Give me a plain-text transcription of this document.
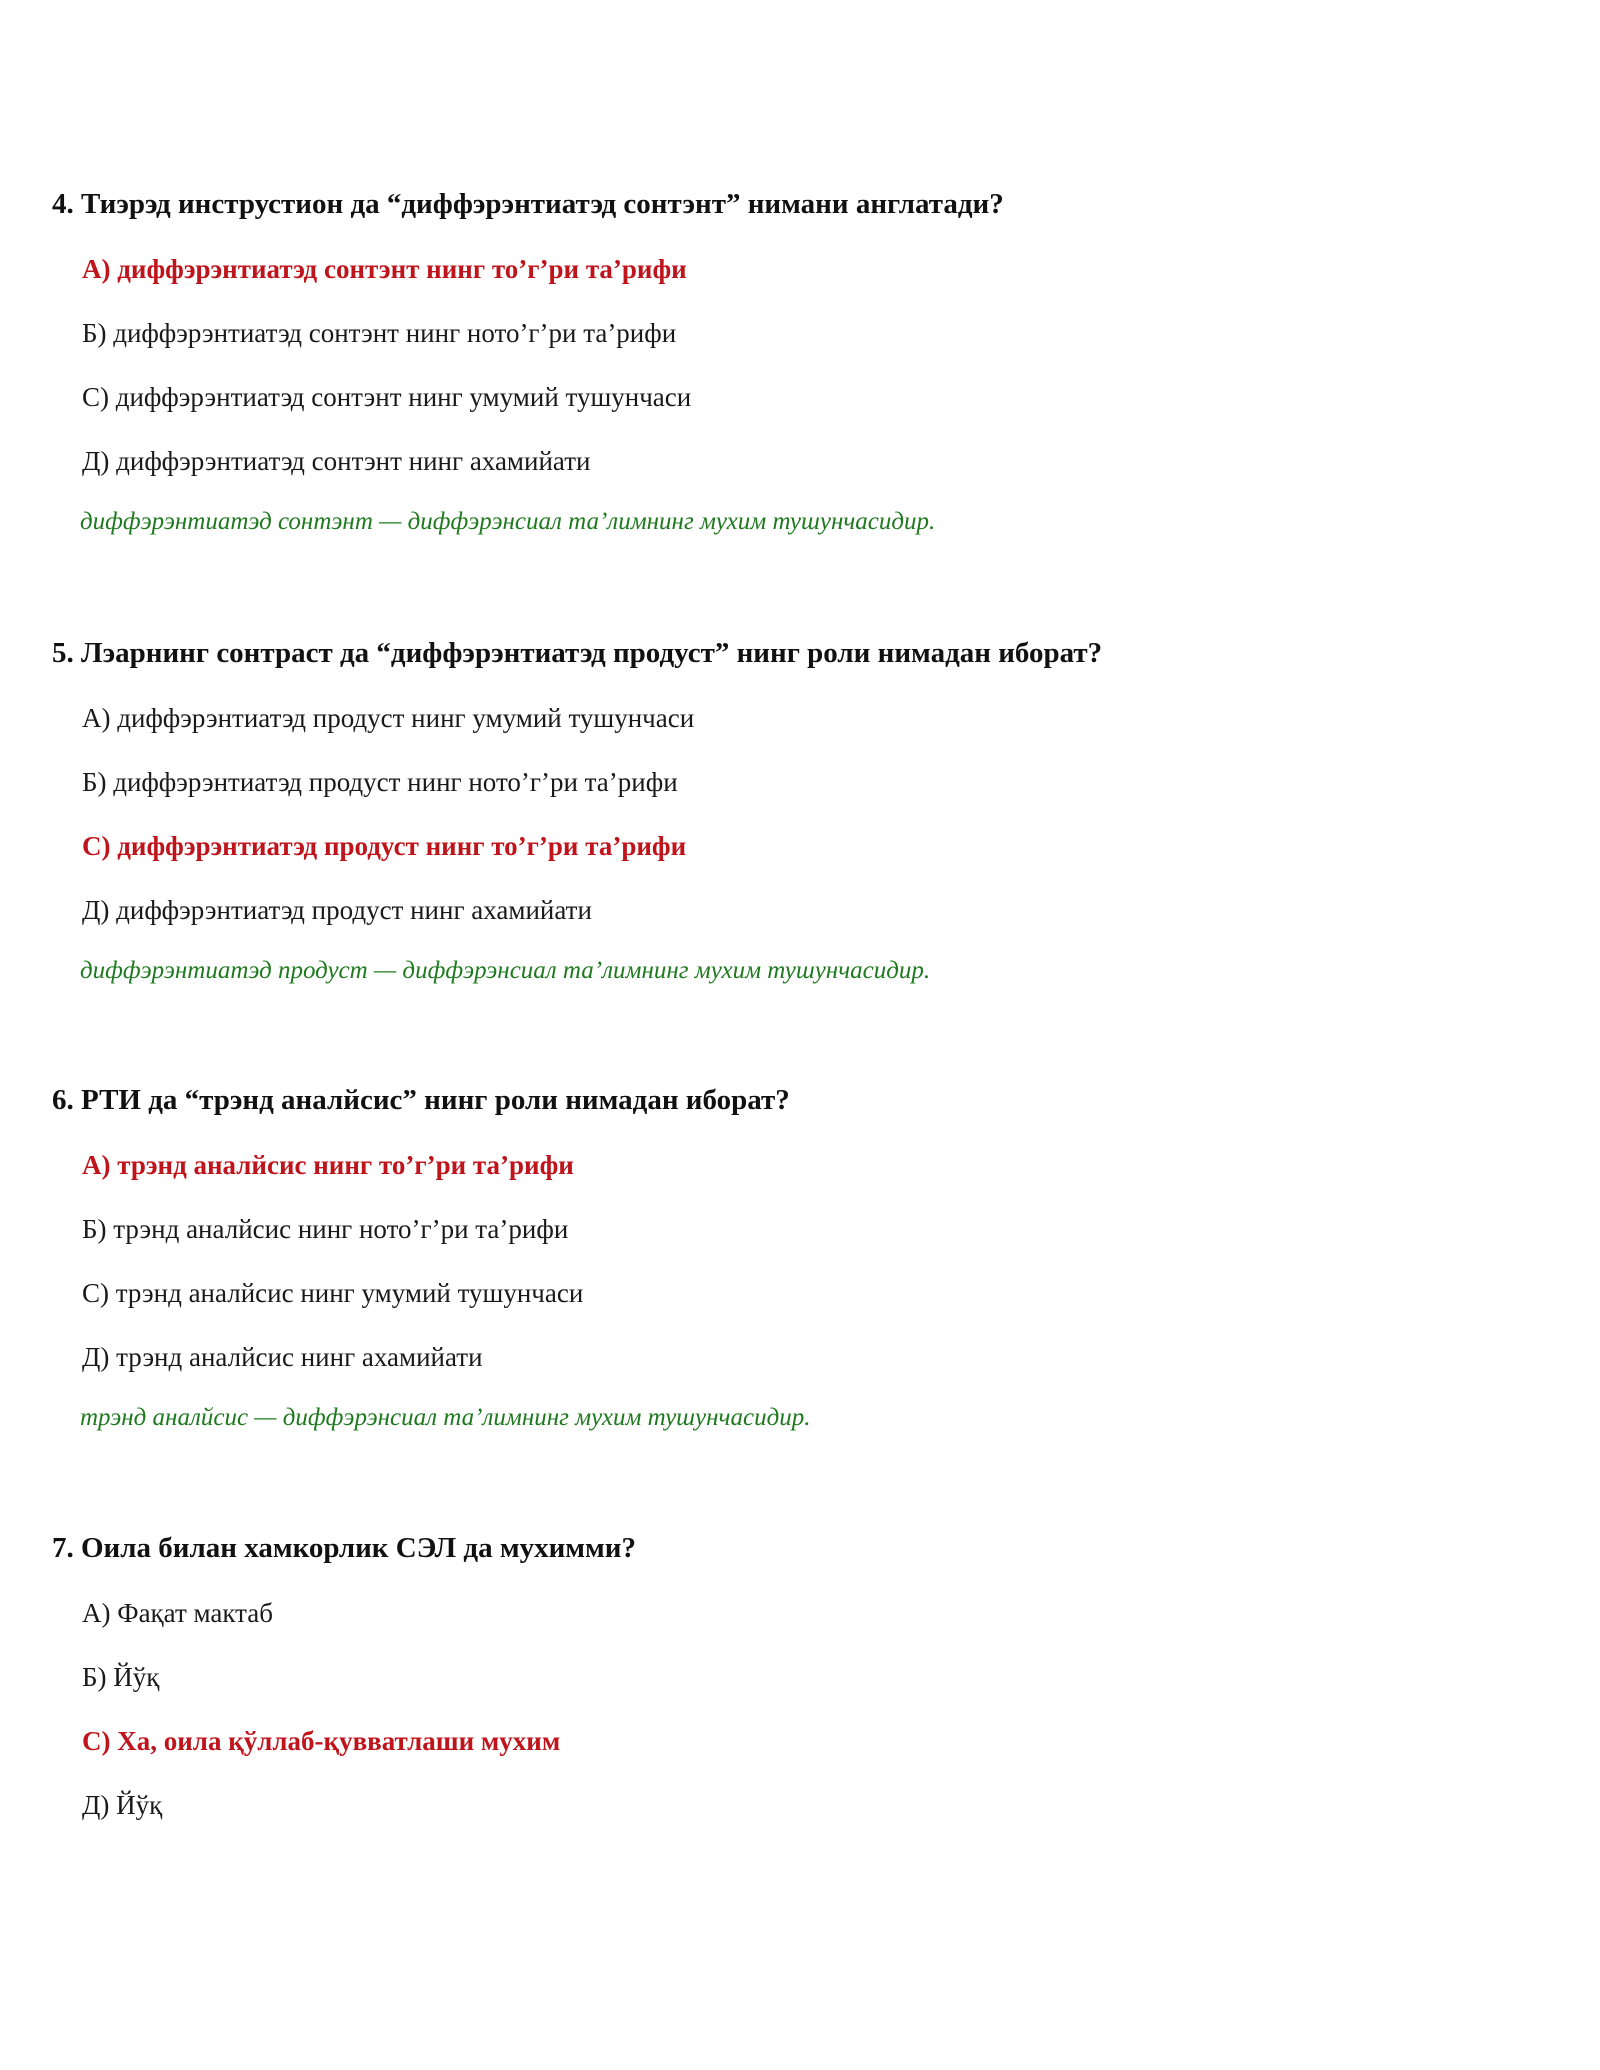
4. Тиэрэд инструстион да “диффэрэнтиатэд сонтэнт” нимани англатади?
А) диффэрэнтиатэд сонтэнт нинг то’г’ри та’рифи
Б) диффэрэнтиатэд сонтэнт нинг ното’г’ри та’рифи
С) диффэрэнтиатэд сонтэнт нинг умумий тушунчаси
Д) диффэрэнтиатэд сонтэнт нинг ахамийати
диффэрэнтиатэд сонтэнт — диффэрэнсиал та’лимнинг мухим тушунчасидир.
5. Лэарнинг сонтраст да “диффэрэнтиатэд продуст” нинг роли нимадан иборат?
А) диффэрэнтиатэд продуст нинг умумий тушунчаси
Б) диффэрэнтиатэд продуст нинг ното’г’ри та’рифи
С) диффэрэнтиатэд продуст нинг то’г’ри та’рифи
Д) диффэрэнтиатэд продуст нинг ахамийати
диффэрэнтиатэд продуст — диффэрэнсиал та’лимнинг мухим тушунчасидир.
6. РТИ да “трэнд аналйсис” нинг роли нимадан иборат?
А) трэнд аналйсис нинг то’г’ри та’рифи
Б) трэнд аналйсис нинг ното’г’ри та’рифи
С) трэнд аналйсис нинг умумий тушунчаси
Д) трэнд аналйсис нинг ахамийати
трэнд аналйсис — диффэрэнсиал та’лимнинг мухим тушунчасидир.
7. Оила билан хамкорлик СЭЛ да мухимми?
А) Фақат мактаб
Б) Йўқ
С) Ха, оила қўллаб-қувватлаши мухим
Д) Йўқ
